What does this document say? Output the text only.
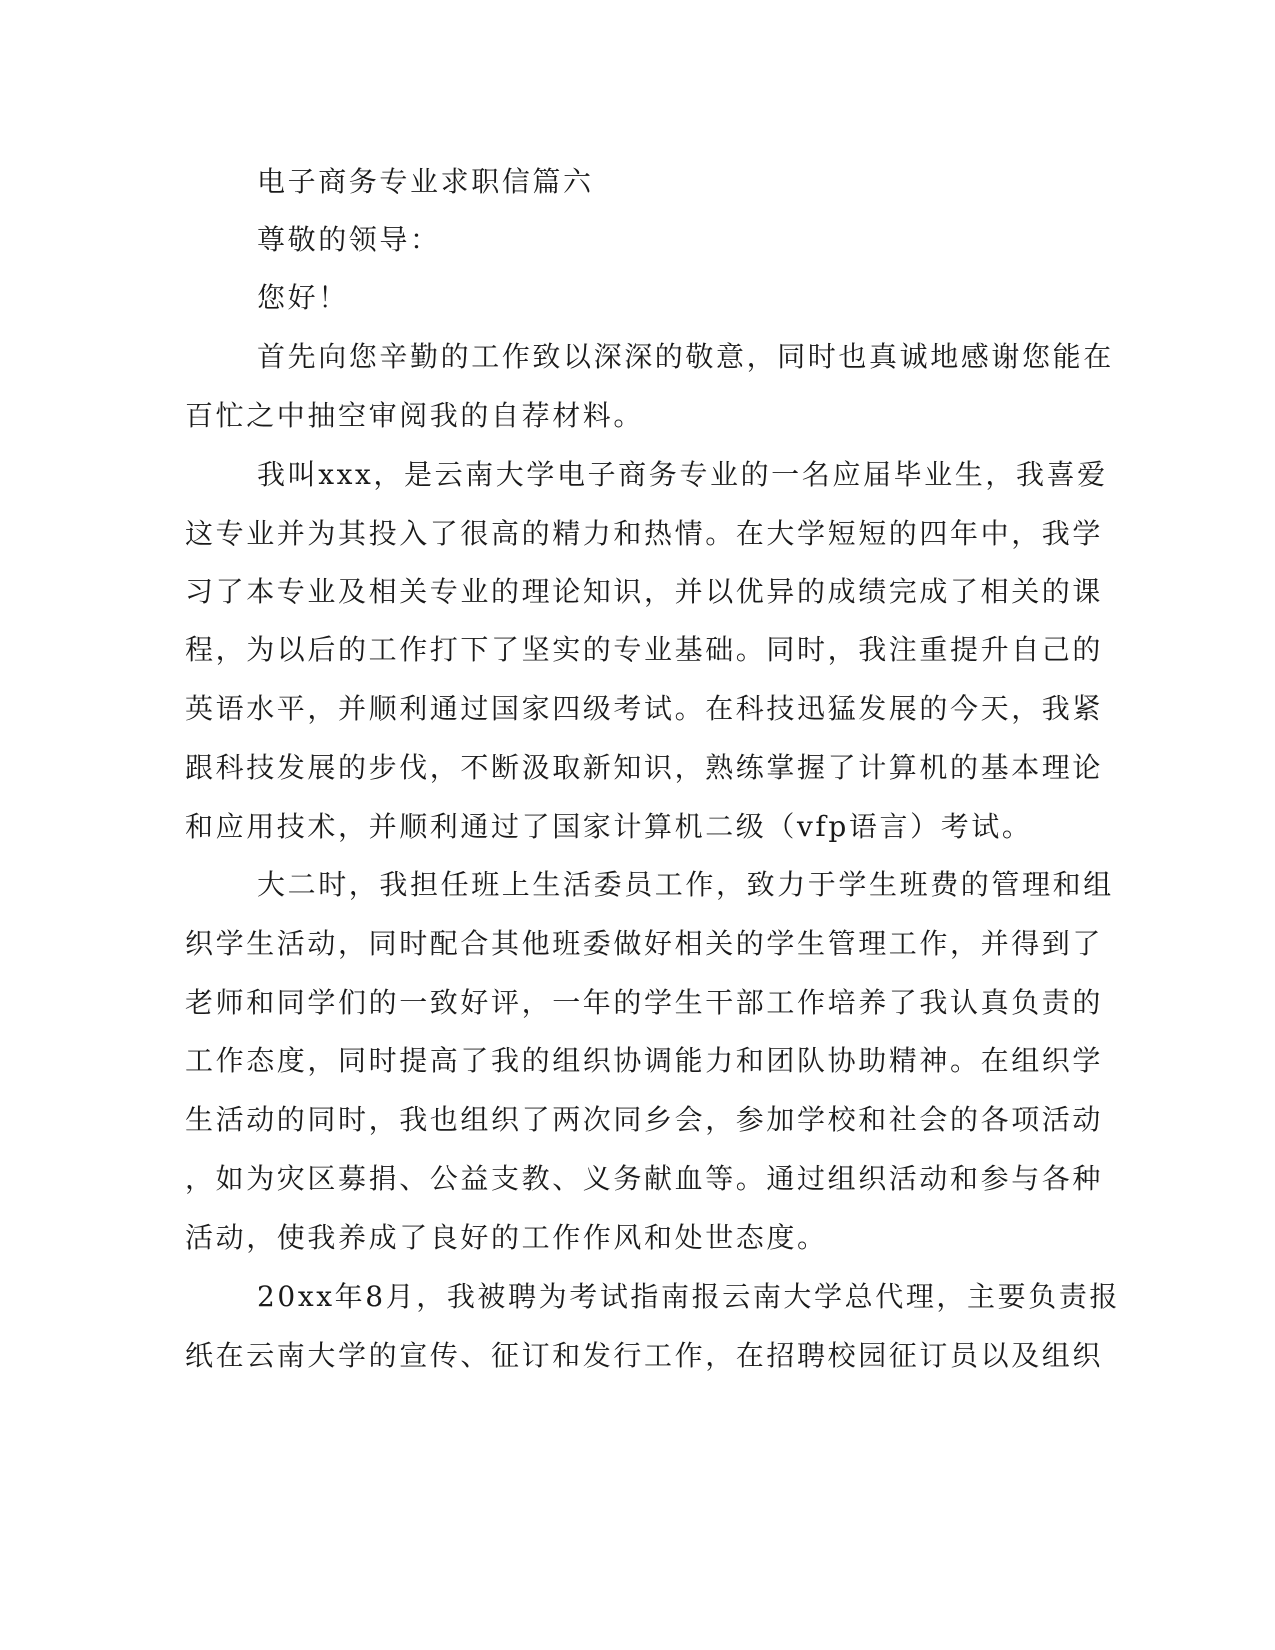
电子商务专业求职信篇六
尊敬的领导：
您好！
首先向您辛勤的工作致以深深的敬意，同时也真诚地感谢您能在
百忙之中抽空审阅我的自荐材料。
我叫xxx，是云南大学电子商务专业的一名应届毕业生，我喜爱
这专业并为其投入了很高的精力和热情。在大学短短的四年中，我学
习了本专业及相关专业的理论知识，并以优异的成绩完成了相关的课
程，为以后的工作打下了坚实的专业基础。同时，我注重提升自己的
英语水平，并顺利通过国家四级考试。在科技迅猛发展的今天，我紧
跟科技发展的步伐，不断汲取新知识，熟练掌握了计算机的基本理论
和应用技术，并顺利通过了国家计算机二级（vfp语言）考试。
大二时，我担任班上生活委员工作，致力于学生班费的管理和组
织学生活动，同时配合其他班委做好相关的学生管理工作，并得到了
老师和同学们的一致好评，一年的学生干部工作培养了我认真负责的
工作态度，同时提高了我的组织协调能力和团队协助精神。在组织学
生活动的同时，我也组织了两次同乡会，参加学校和社会的各项活动
，如为灾区募捐、公益支教、义务献血等。通过组织活动和参与各种
活动，使我养成了良好的工作作风和处世态度。
20xx年8月，我被聘为考试指南报云南大学总代理，主要负责报
纸在云南大学的宣传、征订和发行工作，在招聘校园征订员以及组织
